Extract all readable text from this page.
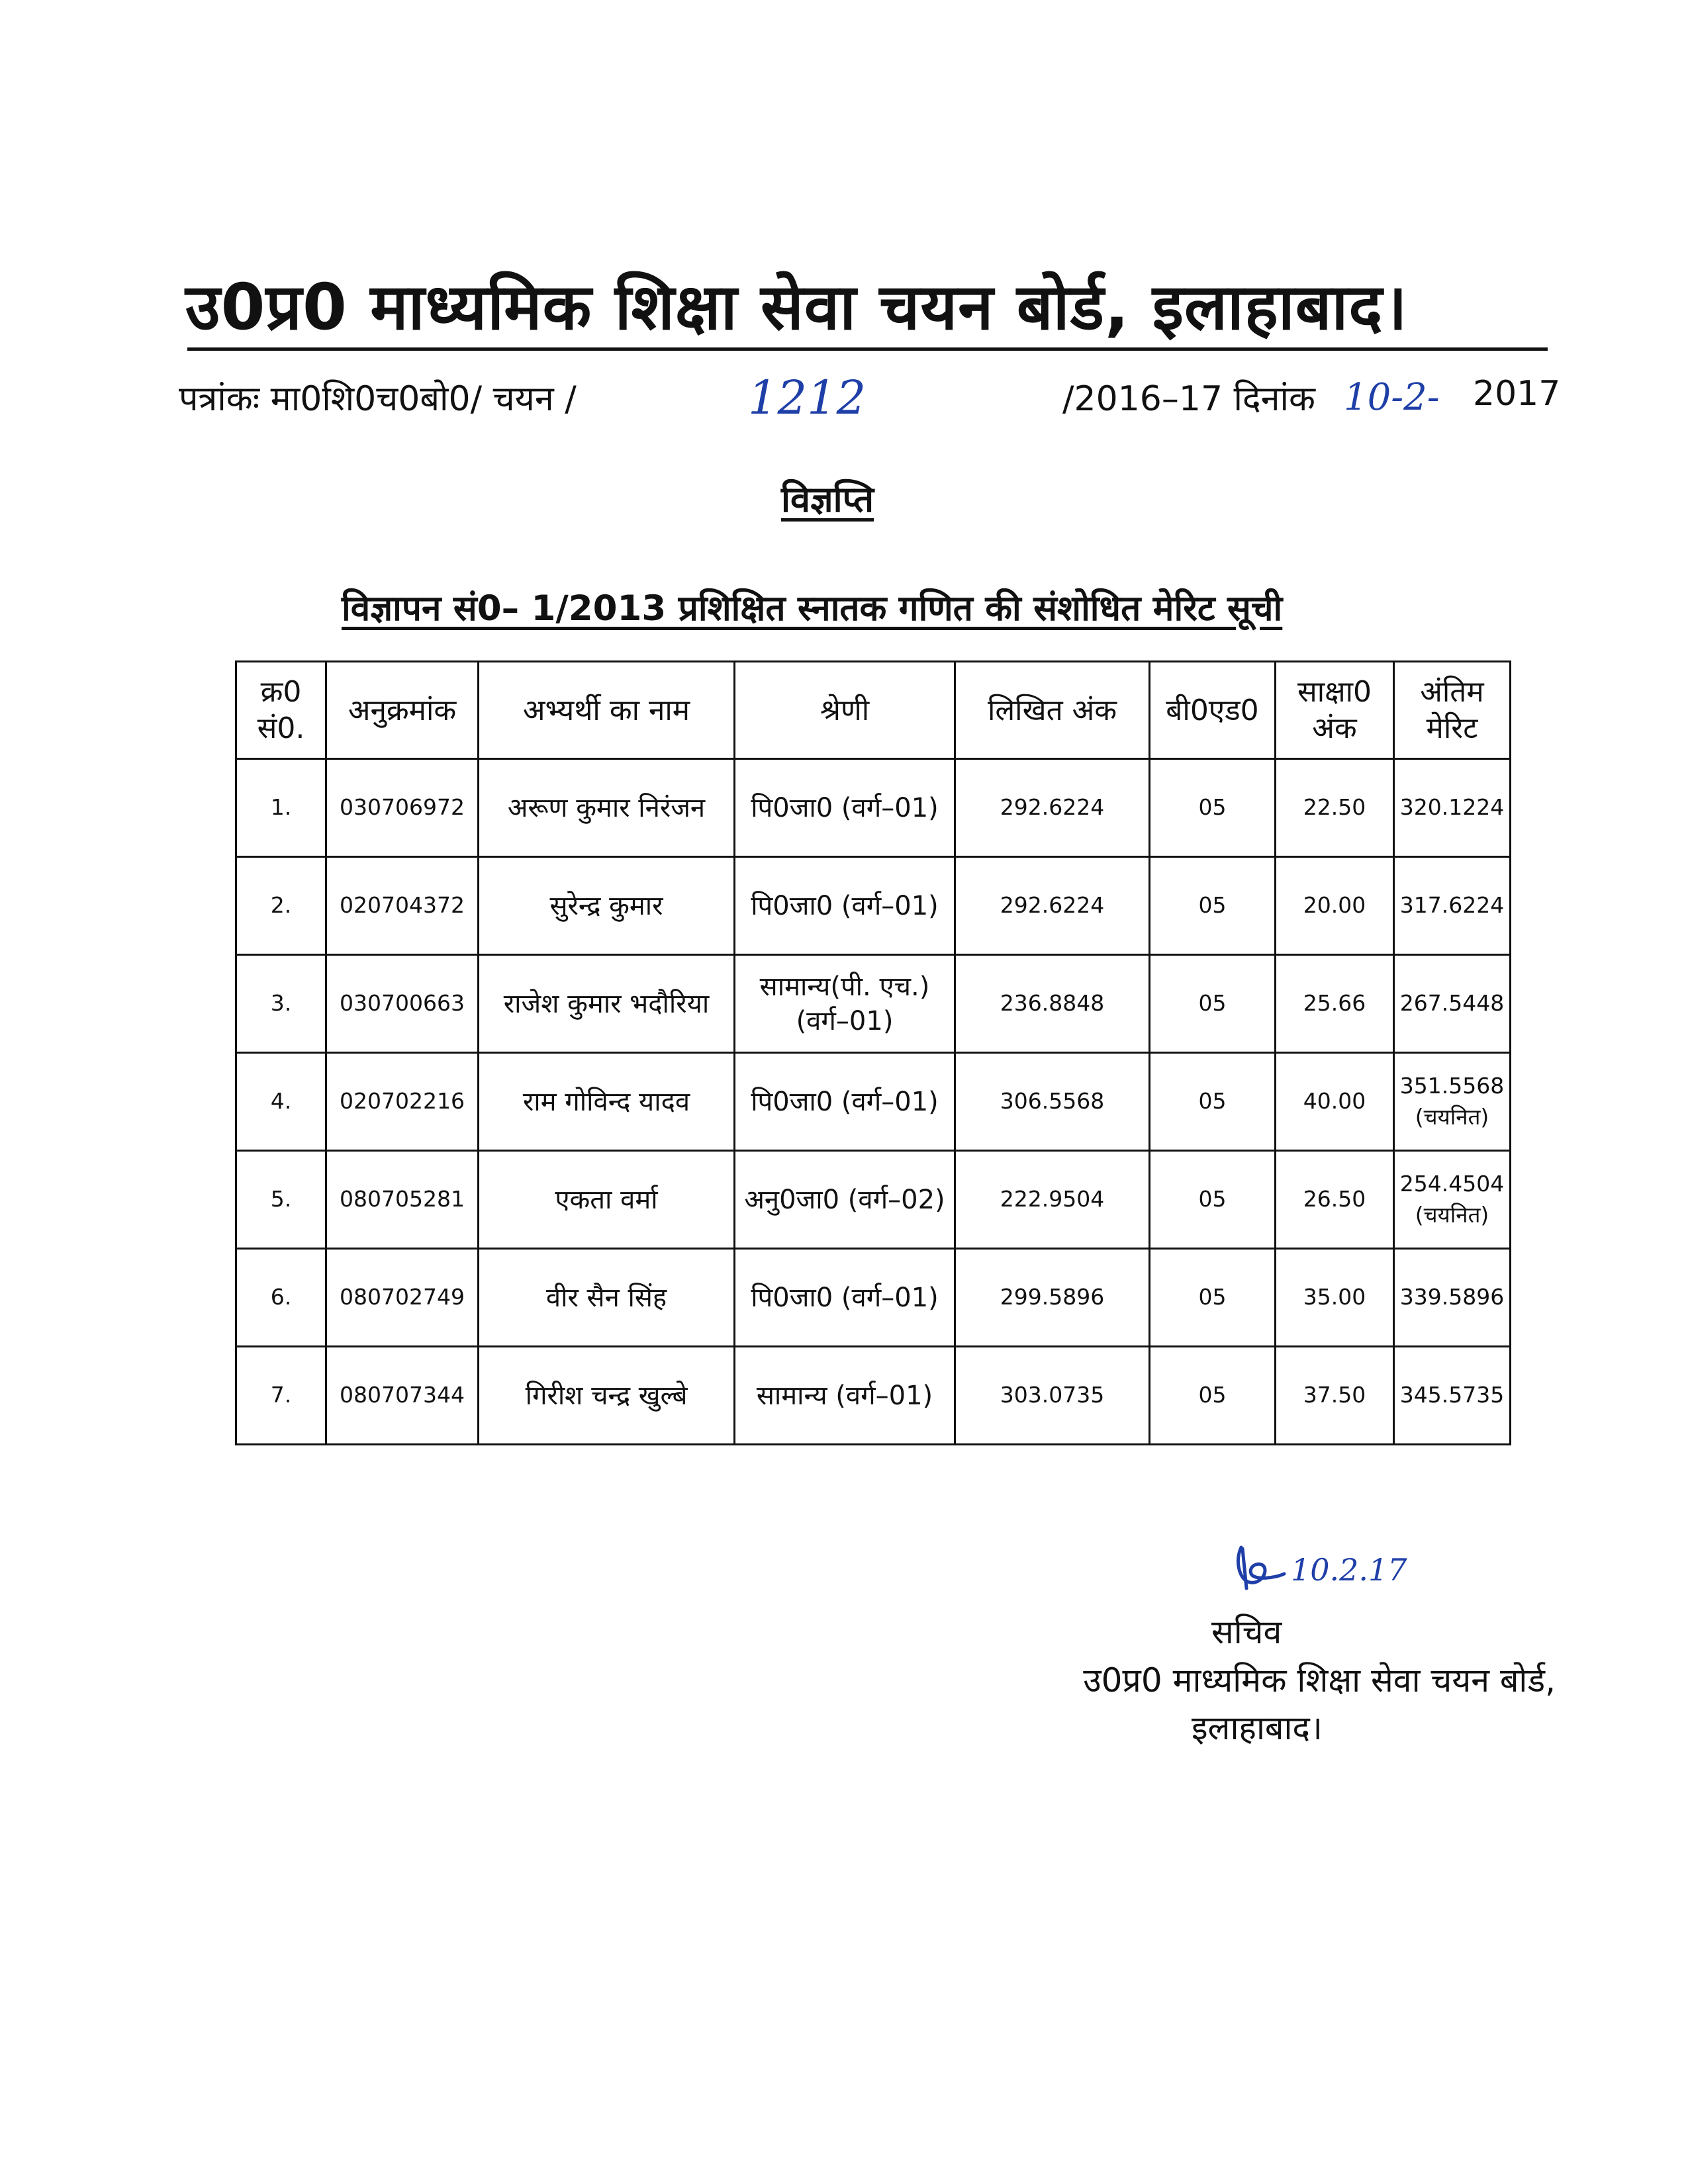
उ0प्र0 माध्यमिक शिक्षा सेवा चयन बोर्ड, इलाहाबाद।
पत्रांकः मा0शि0च0बो0/ चयन /	1212	/2016–17 दिनांक 10-2- 2017
विज्ञप्ति
विज्ञापन सं0– 1/2013 प्रशिक्षित स्नातक गणित की संशोधित मेरिट सूची
क्र0 सं0.	अनुक्रमांक	अभ्यर्थी का नाम	श्रेणी	लिखित अंक	बी0एड0	साक्षा0 अंक	अंतिम मेरिट
1.	030706972	अरूण कुमार निरंजन	पि0जा0 (वर्ग–01)	292.6224	05	22.50	320.1224
2.	020704372	सुरेन्द्र कुमार	पि0जा0 (वर्ग–01)	292.6224	05	20.00	317.6224
3.	030700663	राजेश कुमार भदौरिया	सामान्य(पी. एच.) (वर्ग–01)	236.8848	05	25.66	267.5448
4.	020702216	राम गोविन्द यादव	पि0जा0 (वर्ग–01)	306.5568	05	40.00	351.5568 (चयनित)
5.	080705281	एकता वर्मा	अनु0जा0 (वर्ग–02)	222.9504	05	26.50	254.4504 (चयनित)
6.	080702749	वीर सैन सिंह	पि0जा0 (वर्ग–01)	299.5896	05	35.00	339.5896
7.	080707344	गिरीश चन्द्र खुल्बे	सामान्य (वर्ग–01)	303.0735	05	37.50	345.5735
10.2.17
सचिव
उ0प्र0 माध्यमिक शिक्षा सेवा चयन बोर्ड,
इलाहाबाद।
